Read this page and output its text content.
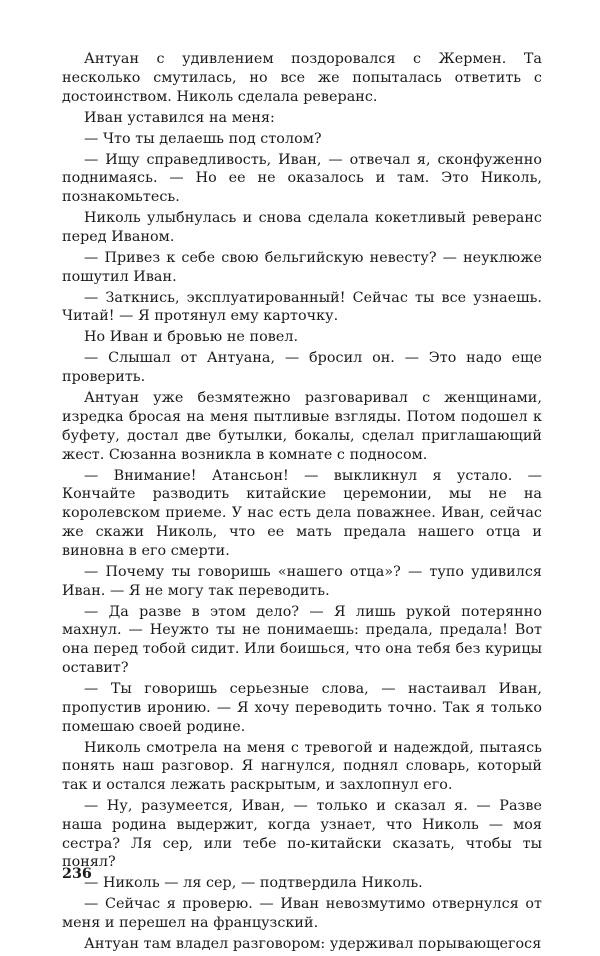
Антуан с удивлением поздоровался с Жермен. Та несколько смутилась, но все же попыталась ответить с достоинством. Николь сделала реверанс.

Иван уставился на меня:

— Что ты делаешь под столом?

— Ищу справедливость, Иван, — отвечал я, сконфуженно поднимаясь. — Но ее не оказалось и там. Это Николь, познакомьтесь.

Николь улыбнулась и снова сделала кокетливый реверанс перед Иваном.

— Привез к себе свою бельгийскую невесту? — неуклюже пошутил Иван.

— Заткнись, эксплуатированный! Сейчас ты все узнаешь. Читай! — Я протянул ему карточку.

Но Иван и бровью не повел.

— Слышал от Антуана, — бросил он. — Это надо еще проверить.

Антуан уже безмятежно разговаривал с женщинами, изредка бросая на меня пытливые взгляды. Потом подошел к буфету, достал две бутылки, бокалы, сделал приглашающий жест. Сюзанна возникла в комнате с подносом.

— Внимание! Атансьон! — выкликнул я устало. — Кончайте разводить китайские церемонии, мы не на королевском приеме. У нас есть дела поважнее. Иван, сейчас же скажи Николь, что ее мать предала нашего отца и виновна в его смерти.

— Почему ты говоришь «нашего отца»? — тупо удивился Иван. — Я не могу так переводить.

— Да разве в этом дело? — Я лишь рукой потерянно махнул. — Неужто ты не понимаешь: предала, предала! Вот она перед тобой сидит. Или боишься, что она тебя без курицы оставит?

— Ты говоришь серьезные слова, — настаивал Иван, пропустив иронию. — Я хочу переводить точно. Так я только помешаю своей родине.

Николь смотрела на меня с тревогой и надеждой, пытаясь понять наш разговор. Я нагнулся, поднял словарь, который так и остался лежать раскрытым, и захлопнул его.

— Ну, разумеется, Иван, — только и сказал я. — Разве наша родина выдержит, когда узнает, что Николь — моя сестра? Ля сер, или тебе по-китайски сказать, чтобы ты понял?

— Николь — ля сер, — подтвердила Николь.

— Сейчас я проверю. — Иван невозмутимо отвернулся от меня и перешел на французский.

Антуан там владел разговором: удерживал порывающегося

236
